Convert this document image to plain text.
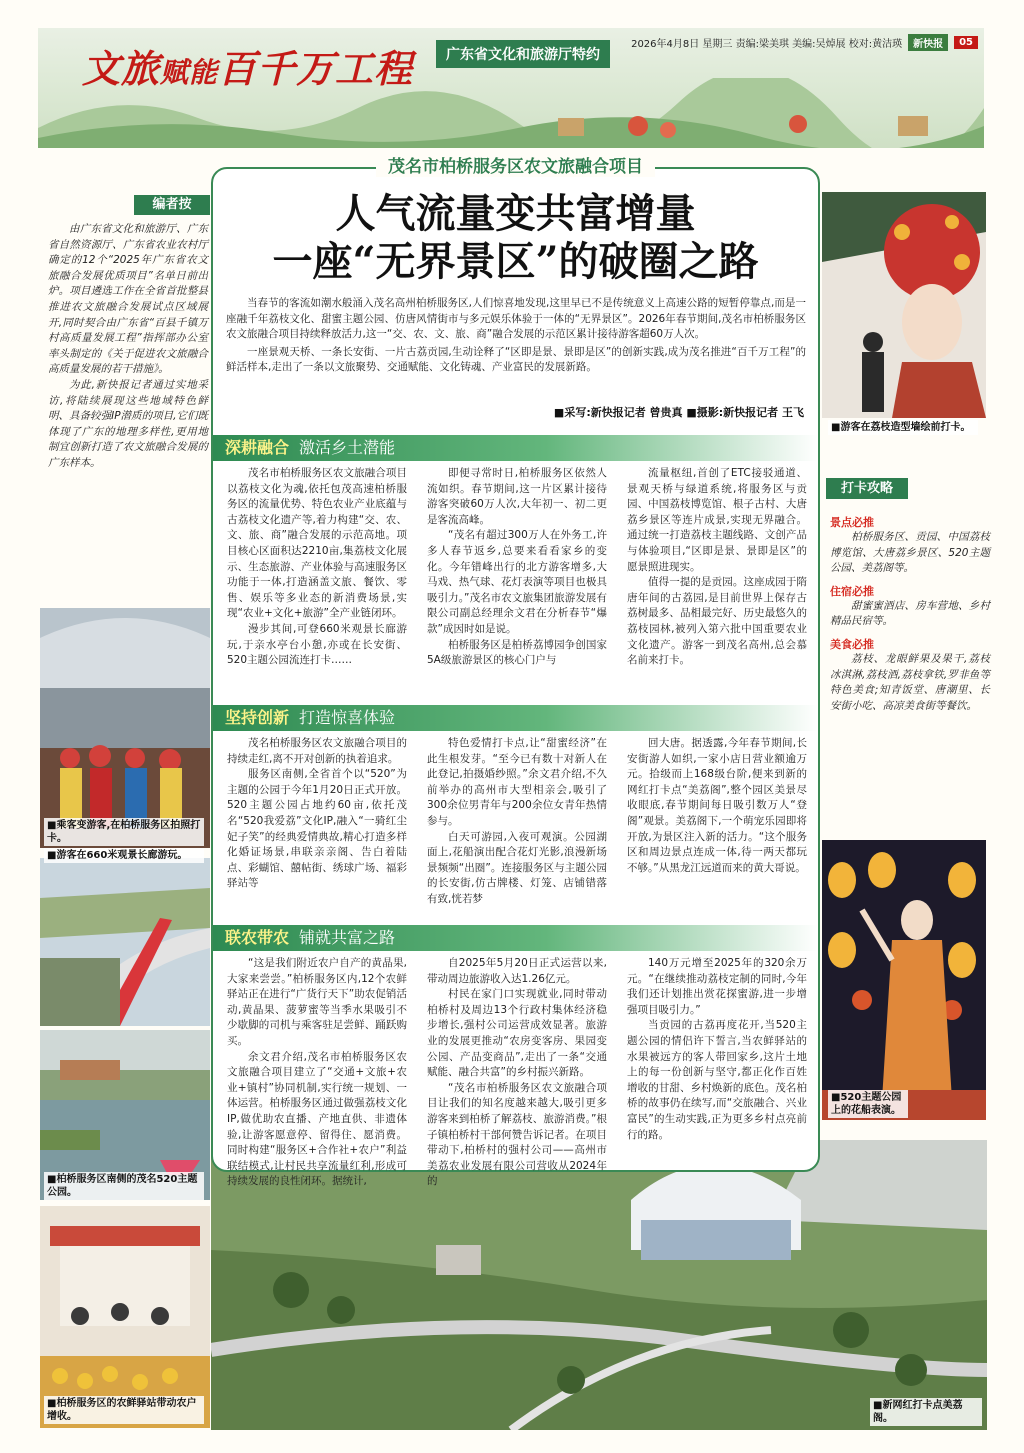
文旅赋能百千万工程	广东省文化和旅游厅特约
2026年4月8日 星期三 责编:梁美琪 美编:吴焯展 校对:黄洁瑛	新快报	05
编者按

由广东省文化和旅游厅、广东省自然资源厅、广东省农业农村厅确定的12个“2025年广东省农文旅融合发展优质项目”名单日前出炉。项目遴选工作在全省首批整县推进农文旅融合发展试点区域展开,同时契合由广东省“百县千镇万村高质量发展工程”指挥部办公室率头制定的《关于促进农文旅融合高质量发展的若干措施》。

为此,新快报记者通过实地采访,将陆续展现这些地域特色鲜明、具备较强IP潜质的项目,它们既体现了广东的地理多样性,更用地制宜创新打造了农文旅融合发展的广东样本。

■乘客变游客,在柏桥服务区拍照打卡。
■游客在660米观景长廊游玩。
■柏桥服务区南侧的茂名520主题公园。
■柏桥服务区的农鲜驿站带动农户增收。
■游客在荔枝造型墙绘前打卡。
打卡攻略
景点必推
柏桥服务区、贡园、中国荔枝博览馆、大唐荔乡景区、520主题公园、美荔阁等。
住宿必推
甜蜜蜜酒店、房车营地、乡村精品民宿等。
美食必推
荔枝、龙眼鲜果及果干,荔枝冰淇淋,荔枝酒,荔枝拿铁,罗非鱼等特色美食;知青饭堂、唐潮里、长安街小吃、高凉美食街等餐饮。
■520主题公园上的花船表演。
■新网红打卡点美荔阁。
茂名市柏桥服务区农文旅融合项目
人气流量变共富增量
一座“无界景区”的破圈之路

当春节的客流如潮水般涌入茂名高州柏桥服务区,人们惊喜地发现,这里早已不是传统意义上高速公路的短暂停靠点,而是一座融千年荔枝文化、甜蜜主题公园、仿唐风情街市与多元娱乐体验于一体的“无界景区”。2026年春节期间,茂名市柏桥服务区农文旅融合项目持续释放活力,这一“交、农、文、旅、商”融合发展的示范区累计接待游客超60万人次。

一座景观天桥、一条长安街、一片古荔贡园,生动诠释了“区即是景、景即是区”的创新实践,成为茂名推进“百千万工程”的鲜活样本,走出了一条以文旅聚势、交通赋能、文化铸魂、产业富民的发展新路。

■采写:新快报记者 曾贵真 ■摄影:新快报记者 王飞
深耕融合 激活乡土潜能

茂名市柏桥服务区农文旅融合项目以荔枝文化为魂,依托包茂高速柏桥服务区的流量优势、特色农业产业底蕴与古荔枝文化遗产等,着力构建“交、农、文、旅、商”融合发展的示范高地。项目核心区面积达2210亩,集荔枝文化展示、生态旅游、产业体验与高速服务区功能于一体,打造涵盖文旅、餐饮、零售、娱乐等多业态的新消费场景,实现“农业+文化+旅游”全产业链闭环。

漫步其间,可登660米观景长廊游玩,于亲水亭台小憩,亦或在长安街、520主题公园流连打卡……

即便寻常时日,柏桥服务区依然人流如织。春节期间,这一片区累计接待游客突破60万人次,大年初一、初二更是客流高峰。

“茂名有超过300万人在外务工,许多人春节返乡,总要来看看家乡的变化。今年错峰出行的北方游客增多,大马戏、热气球、花灯表演等项目也极具吸引力。”茂名市农文旅集团旅游发展有限公司副总经理余文君在分析春节“爆款”成因时如是说。

柏桥服务区是柏桥荔博园争创国家5A级旅游景区的核心门户与

流量枢纽,首创了ETC接驳通道、景观天桥与绿道系统,将服务区与贡园、中国荔枝博览馆、根子古村、大唐荔乡景区等连片成景,实现无界融合。通过统一打造荔枝主题线路、文创产品与体验项目,“区即是景、景即是区”的愿景照进现实。

值得一提的是贡园。这座成园于隋唐年间的古荔园,是目前世界上保存古荔树最多、品相最完好、历史最悠久的荔枝园林,被列入第六批中国重要农业文化遗产。游客一到茂名高州,总会慕名前来打卡。

坚持创新 打造惊喜体验

茂名柏桥服务区农文旅融合项目的持续走红,离不开对创新的执着追求。

服务区南侧,全省首个以“520”为主题的公园于今年1月20日正式开放。520主题公园占地约60亩,依托茂名“520我爱荔”文化IP,融入“一骑红尘妃子笑”的经典爱情典故,精心打造多样化婚证场景,串联亲亲阁、告白着陆点、彩蝴馆、囍帖街、绣球广场、福彩驿站等

特色爱情打卡点,让“甜蜜经济”在此生根发芽。“至今已有数十对新人在此登记,拍摄婚纱照。”余文君介绍,不久前举办的高州市大型相亲会,吸引了300余位男青年与200余位女青年热情参与。

白天可游园,入夜可观演。公园湖面上,花船演出配合花灯光影,浪漫新场景频频“出圈”。连接服务区与主题公园的长安街,仿古牌楼、灯笼、店铺错落有致,恍若梦

回大唐。据透露,今年春节期间,长安街游人如织,一家小店日营业额逾万元。拾级而上168级台阶,便来到新的网红打卡点“美荔阁”,整个园区美景尽收眼底,春节期间每日吸引数万人“登阁”观景。美荔阁下,一个萌宠乐园即将开放,为景区注入新的活力。“这个服务区和周边景点连成一体,待一两天都玩不够。”从黑龙江远道而来的黄大哥说。

联农带农 铺就共富之路

“这是我们附近农户自产的黄晶果,大家来尝尝。”柏桥服务区内,12个农鲜驿站正在进行“广货行天下”助农促销活动,黄晶果、菠萝蜜等当季水果吸引不少歇脚的司机与乘客驻足尝鲜、踊跃购买。

余文君介绍,茂名市柏桥服务区农文旅融合项目建立了“交通+文旅+农业+镇村”协同机制,实行统一规划、一体运营。柏桥服务区通过做强荔枝文化IP,做优助农直播、产地直供、非遗体验,让游客愿意停、留得住、愿消费。同时构建“服务区+合作社+农户”利益联结模式,让村民共享流量红利,形成可持续发展的良性闭环。据统计,

自2025年5月20日正式运营以来,带动周边旅游收入达1.26亿元。

村民在家门口实现就业,同时带动柏桥村及周边13个行政村集体经济稳步增长,强村公司运营成效显著。旅游业的发展更推动“农房变客房、果园变公园、产品变商品”,走出了一条“交通赋能、融合共富”的乡村振兴新路。

“茂名市柏桥服务区农文旅融合项目让我们的知名度越来越大,吸引更多游客来到柏桥了解荔枝、旅游消费。”根子镇柏桥村干部何赞告诉记者。在项目带动下,柏桥村的强村公司——高州市美荔农业发展有限公司营收从2024年的

140万元增至2025年的320余万元。“在继续推动荔枝定制的同时,今年我们还计划推出赏花探蜜游,进一步增强项目吸引力。”

当贡园的古荔再度花开,当520主题公园的情侣许下誓言,当农鲜驿站的水果被远方的客人带回家乡,这片土地上的每一份创新与坚守,都正化作百姓增收的甘甜、乡村焕新的底色。茂名柏桥的故事仍在续写,而“交旅融合、兴业富民”的生动实践,正为更多乡村点亮前行的路。
